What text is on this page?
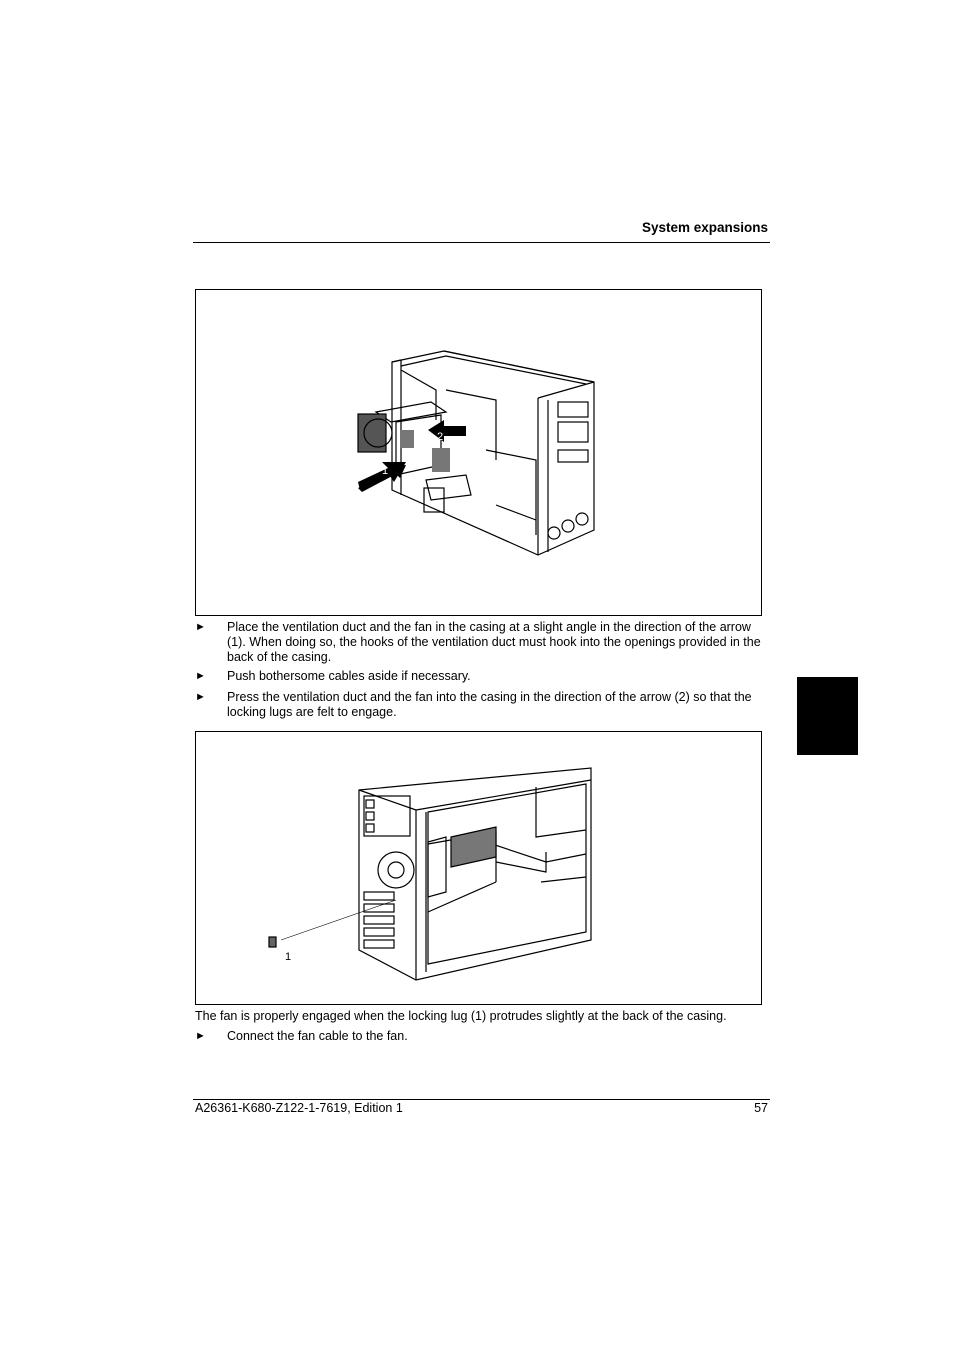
System expansions
1
2
►	Place the ventilation duct and the fan in the casing at a slight angle in the direction of the arrow (1). When doing so, the hooks of the ventilation duct must hook into the openings provided in the back of the casing.
►	Push bothersome cables aside if necessary.
►	Press the ventilation duct and the fan into the casing in the direction of the arrow (2) so that the locking lugs are felt to engage.
1
The fan is properly engaged when the locking lug (1) protrudes slightly at the back of the casing.
►	Connect the fan cable to the fan.
A26361-K680-Z122-1-7619, Edition 1	57
